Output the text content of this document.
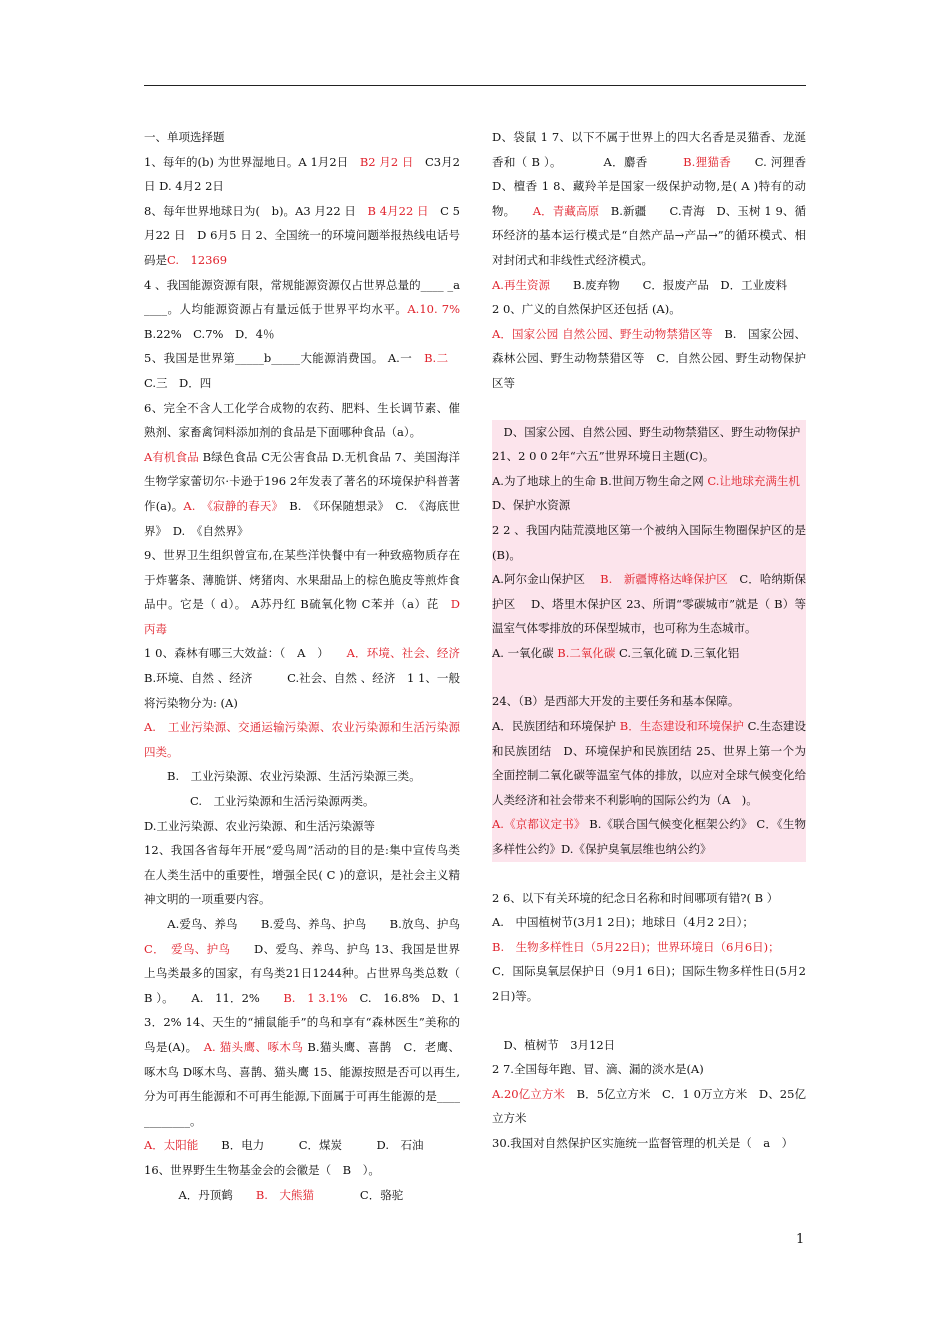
一、单项选择题

1、每年的(b) 为世界湿地日。A 1月2日　B2 月2 日　C3月2日 D. 4月2 2日

8、每年世界地球日为(　b)。A3 月22 日　B 4月22 日　C 5月22 日　D 6月5 日 2、全国统一的环境问题举报热线电话号码是C.　12369

4 、我国能源资源有限，常规能源资源仅占世界总量的____ _a____。人均能源资源占有量远低于世界平均水平。A.10. 7% B.22%　C.7%　D．4％

5、我国是世界第_____b_____大能源消费国。 A.一　B.二　C.三　D．四

6、完全不含人工化学合成物的农药、肥料、生长调节素、催熟剂、家畜禽饲料添加剂的食品是下面哪种食品（a）。

A有机食品 B绿色食品 C无公害食品 D.无机食品 7、美国海洋生物学家蕾切尔·卡逊于196 2年发表了著名的环境保护科普著作(a)。A.　《寂静的春天》　B.　《环保随想录》　C.　《海底世界》　D.　《自然界》

9、世界卫生组织曾宣布,在某些洋快餐中有一种致癌物质存在于炸薯条、薄脆饼、烤猪肉、水果甜品上的棕色脆皮等煎炸食品中。它是（ d）。 A苏丹红 B硫氧化物 C苯并（a）芘　D　丙毒

1 0、森林有哪三大效益：（　A　）　　A．环境、社会、经济　　B.环境、自然 、经济　　　C.社会、自然 、经济　1 1、一般将污染物分为: (A)

A.　工业污染源、交通运输污染源、农业污染源和生活污染源四类。

　　B.　工业污染源、农业污染源、生活污染源三类。

　　　　C.　工业污染源和生活污染源两类。

D.工业污染源、农业污染源、和生活污染源等

12、我国各省每年开展“爱鸟周”活动的目的是:集中宣传鸟类在人类生活中的重要性，增强全民( C )的意识，是社会主义精神文明的一项重要内容。

　　A.爱鸟、养鸟　　B.爱鸟、养鸟、护鸟　　B.放鸟、护鸟　　　C．　爱鸟、护鸟　　D、爱鸟、养鸟、护鸟 13、我国是世界上鸟类最多的国家，有鸟类21日1244种。占世界鸟类总数（ B ）。　　A.　11．2%　　B.　1 3.1%　C.　16.8%　D、1 3．2% 14、天生的“捕鼠能手”的鸟和享有“森林医生”美称的鸟是(A)。　A. 猫头鹰、啄木鸟 B.猫头鹰、喜鹊　C．老鹰、啄木鸟 D啄木鸟、喜鹊、猫头鹰 15、能源按照是否可以再生,分为可再生能源和不可再生能源,下面属于可再生能源的是____________。

A．太阳能　　B．电力　　　C．煤炭　　　D.　石油

16、世界野生生物基金会的会徽是（　B　）。

　　　A．丹顶鹤　　B.　大熊猫　　　　C．骆驼

D、袋鼠 1 7、以下不属于世界上的四大名香是灵猫香、龙涎香和（ B ）。　　　　A．麝香　　　B.狸猫香　　C. 河狸香　D、檀香 1 8、藏羚羊是国家一级保护动物,是( A )特有的动物。　　A．青藏高原　B.新疆　　C.青海　D、玉树 1 9、循环经济的基本运行模式是“自然产品→产品→”的循环模式、相对封闭式和非线性式经济模式。

A.再生资源　　B.废弃物　　C．报废产品　D．工业废料

2 0、广义的自然保护区还包括 (A)。

A．国家公园 自然公园、野生动物禁猎区等　B.　国家公园、森林公园、野生动物禁猎区等　C．自然公园、野生动物保护区等

　D、国家公园、自然公园、野生动物禁猎区、野生动物保护

21、2 0 0 2年“六五”世界环境日主题(C)。

A.为了地球上的生命 B.世间万物生命之网 C.让地球充满生机　D、保护水资源

2 2 、我国内陆荒漠地区第一个被纳入国际生物圈保护区的是(B)。

A.阿尔金山保护区　 B.　新疆博格达峰保护区　C．哈纳斯保护区　 D、塔里木保护区 23、所谓“零碳城市”就是（ B）等温室气体零排放的环保型城市，也可称为生态城市。

A. 一氧化碳 B.二氧化碳 C.三氧化硫 D.三氧化铝

24、（B）是西部大开发的主要任务和基本保障。

A．民族团结和环境保护 B．生态建设和环境保护 C.生态建设和民族团结　D、环境保护和民族团结 25、世界上第一个为全面控制二氧化碳等温室气体的排放，以应对全球气候变化给人类经济和社会带来不利影响的国际公约为（A　)。

A.《京都议定书》 B.《联合国气候变化框架公约》 C．《生物多样性公约》D.《保护臭氧层维也纳公约》

2 6、以下有关环境的纪念日名称和时间哪项有错?( B ）

A.　中国植树节(3月1 2日)；地球日（4月2 2日）；

B.　生物多样性日（5月22日)；世界环境日（6月6日)；

C．国际臭氧层保护日（9月1 6日)；国际生物多样性日(5月2 2日)等。

　D、植树节　3月12日

2 7.全国每年跑、冒、滴、漏的淡水是(A)

A.20亿立方米　B．5亿立方米　C．1 0万立方米　D、25亿立方米

30.我国对自然保护区实施统一监督管理的机关是（　a　）

1
